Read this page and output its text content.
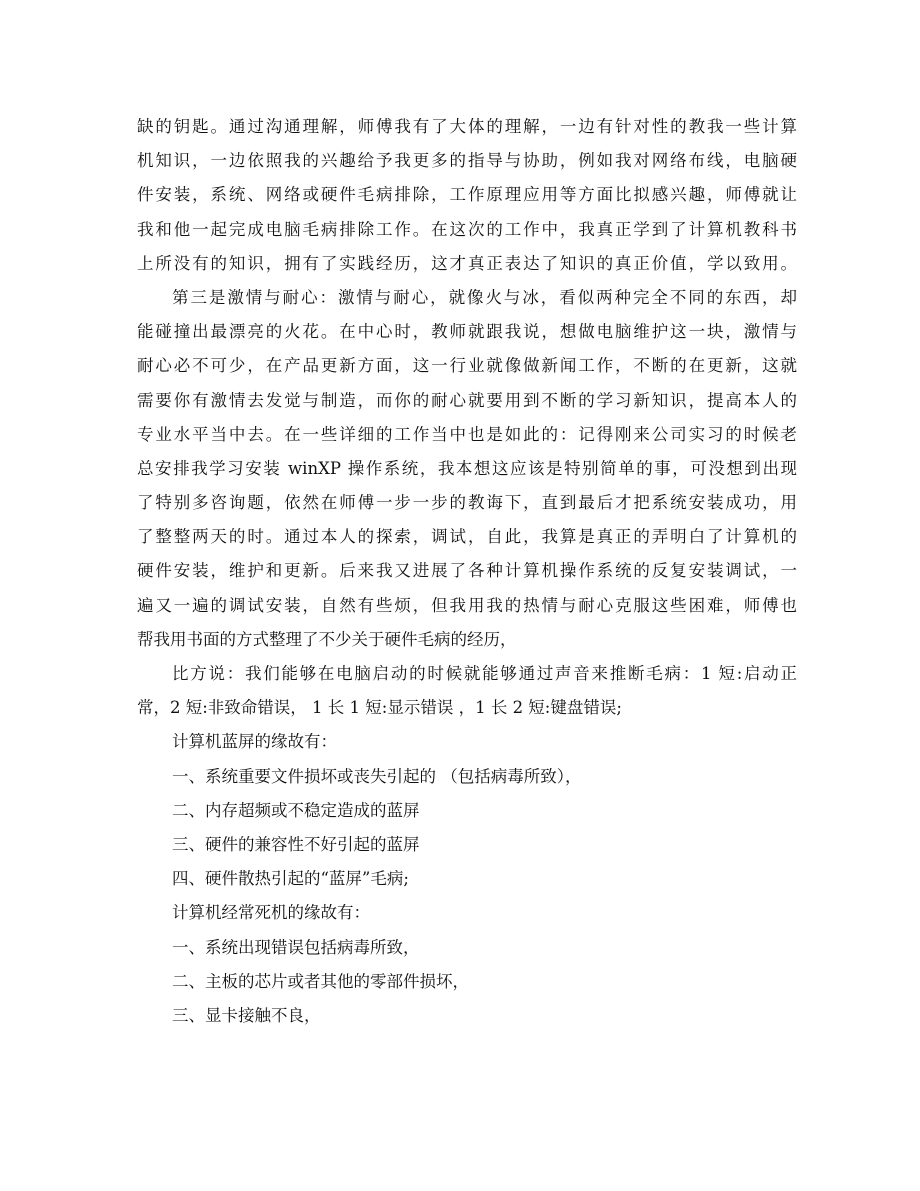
缺的钥匙。通过沟通理解，师傅我有了大体的理解，一边有针对性的教我一些计算
机知识，一边依照我的兴趣给予我更多的指导与协助，例如我对网络布线，电脑硬
件安装，系统、网络或硬件毛病排除，工作原理应用等方面比拟感兴趣，师傅就让
我和他一起完成电脑毛病排除工作。在这次的工作中，我真正学到了计算机教科书
上所没有的知识，拥有了实践经历，这才真正表达了知识的真正价值，学以致用。
第三是激情与耐心：激情与耐心，就像火与冰，看似两种完全不同的东西，却
能碰撞出最漂亮的火花。在中心时，教师就跟我说，想做电脑维护这一块，激情与
耐心必不可少，在产品更新方面，这一行业就像做新闻工作，不断的在更新，这就
需要你有激情去发觉与制造，而你的耐心就要用到不断的学习新知识，提高本人的
专业水平当中去。在一些详细的工作当中也是如此的：记得刚来公司实习的时候老
总安排我学习安装 winXP 操作系统，我本想这应该是特别简单的事，可没想到出现
了特别多咨询题，依然在师傅一步一步的教诲下，直到最后才把系统安装成功，用
了整整两天的时。通过本人的探索，调试，自此，我算是真正的弄明白了计算机的
硬件安装，维护和更新。后来我又进展了各种计算机操作系统的反复安装调试，一
遍又一遍的调试安装，自然有些烦，但我用我的热情与耐心克服这些困难，师傅也
帮我用书面的方式整理了不少关于硬件毛病的经历，
比方说：我们能够在电脑启动的时候就能够通过声音来推断毛病：1 短:启动正
常，2 短:非致命错误， 1 长 1 短:显示错误 ，1 长 2 短:键盘错误;
计算机蓝屏的缘故有：
一、系统重要文件损坏或丧失引起的 （包括病毒所致），
二、内存超频或不稳定造成的蓝屏
三、硬件的兼容性不好引起的蓝屏
四、硬件散热引起的“蓝屏”毛病;
计算机经常死机的缘故有：
一、系统出现错误包括病毒所致，
二、主板的芯片或者其他的零部件损坏，
三、显卡接触不良，
